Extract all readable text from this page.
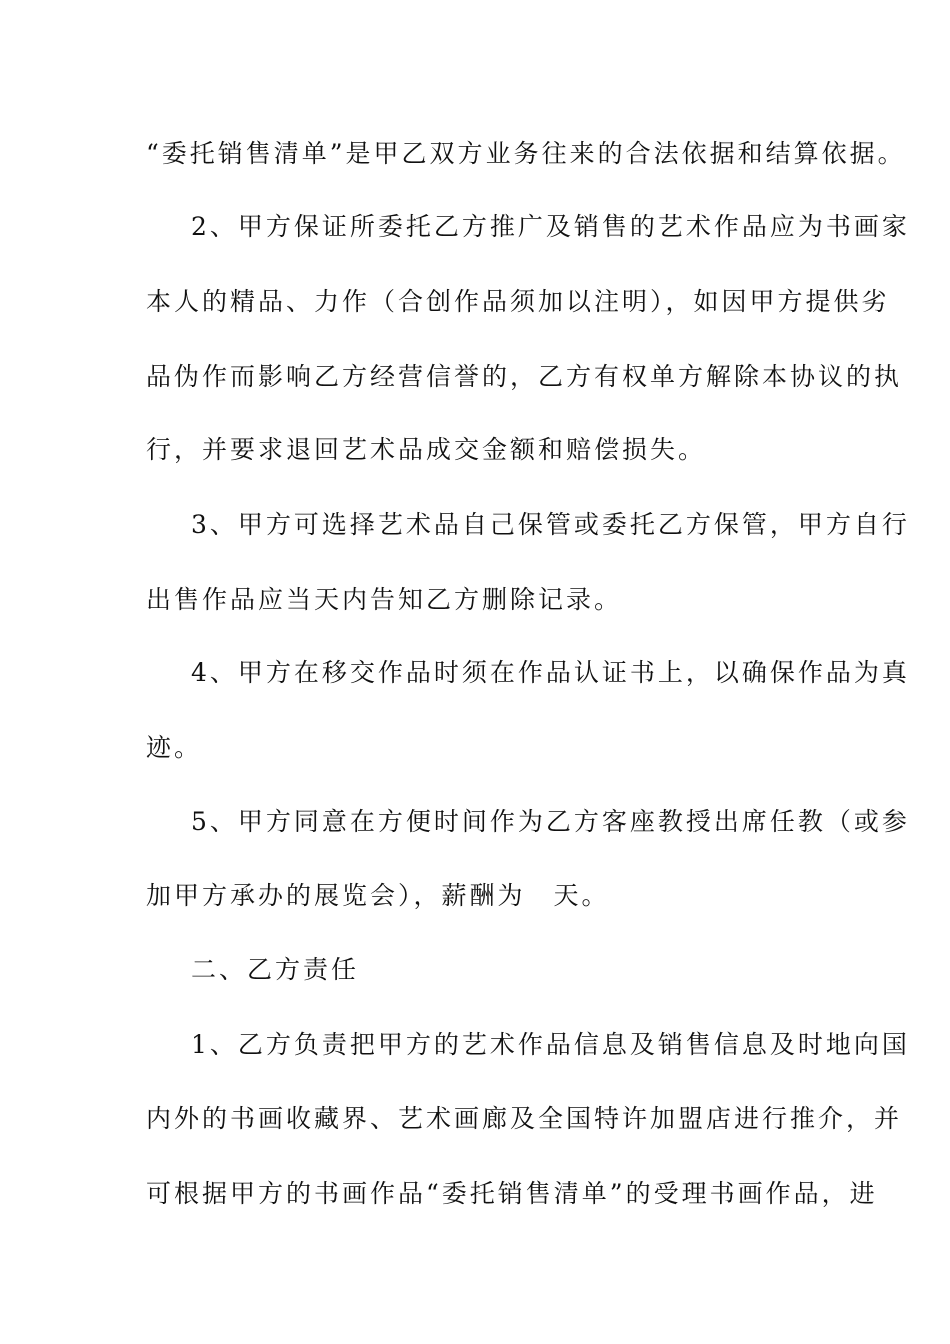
“委托销售清单”是甲乙双方业务往来的合法依据和结算依据。
2、甲方保证所委托乙方推广及销售的艺术作品应为书画家
本人的精品、力作（合创作品须加以注明），如因甲方提供劣
品伪作而影响乙方经营信誉的，乙方有权单方解除本协议的执
行，并要求退回艺术品成交金额和赔偿损失。
3、甲方可选择艺术品自己保管或委托乙方保管，甲方自行
出售作品应当天内告知乙方删除记录。
4、甲方在移交作品时须在作品认证书上，以确保作品为真
迹。
5、甲方同意在方便时间作为乙方客座教授出席任教（或参
加甲方承办的展览会），薪酬为　天。
二、乙方责任
1、乙方负责把甲方的艺术作品信息及销售信息及时地向国
内外的书画收藏界、艺术画廊及全国特许加盟店进行推介，并
可根据甲方的书画作品“委托销售清单”的受理书画作品，进
